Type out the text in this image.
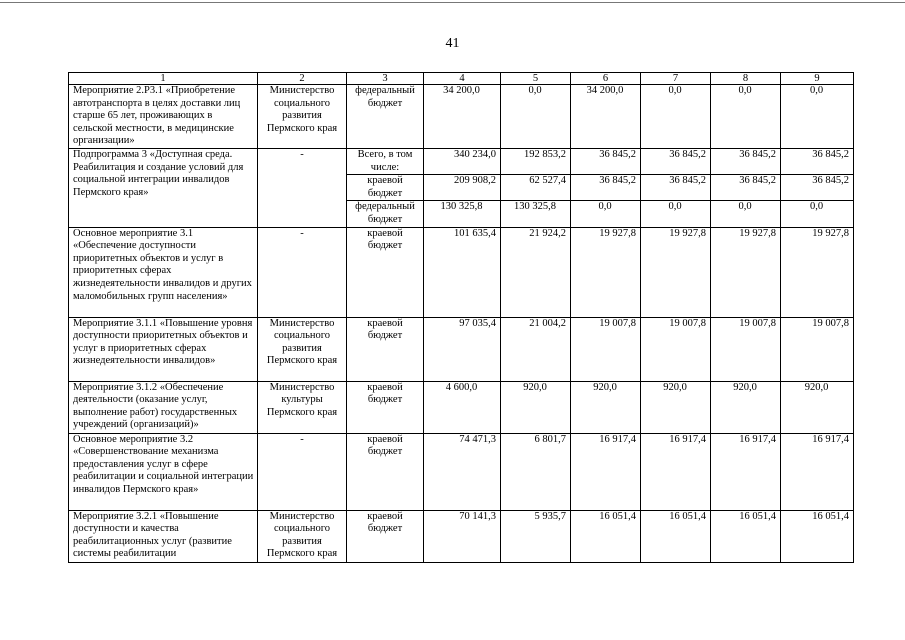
41
1	2	3	4	5	6	7	8	9
Мероприятие 2.Р3.1 «Приобретение автотранспорта в целях доставки лиц старше 65 лет, проживающих в сельской местности, в медицинские организации»	Министерство социального развития Пермского края	федеральный бюджет	34 200,0	0,0	34 200,0	0,0	0,0	0,0
Подпрограмма 3 «Доступная среда. Реабилитация и создание условий для социальной интеграции инвалидов Пермского края»	-	Всего, в том числе:	340 234,0	192 853,2	36 845,2	36 845,2	36 845,2	36 845,2
		краевой бюджет	209 908,2	62 527,4	36 845,2	36 845,2	36 845,2	36 845,2
		федеральный бюджет	130 325,8	130 325,8	0,0	0,0	0,0	0,0
Основное мероприятие 3.1 «Обеспечение доступности приоритетных объектов и услуг в приоритетных сферах жизнедеятельности инвалидов и других маломобильных групп населения»	-	краевой бюджет	101 635,4	21 924,2	19 927,8	19 927,8	19 927,8	19 927,8
Мероприятие 3.1.1 «Повышение уровня доступности приоритетных объектов и услуг в приоритетных сферах жизнедеятельности инвалидов»	Министерство социального развития Пермского края	краевой бюджет	97 035,4	21 004,2	19 007,8	19 007,8	19 007,8	19 007,8
Мероприятие 3.1.2 «Обеспечение деятельности (оказание услуг, выполнение работ) государственных учреждений (организаций)»	Министерство культуры Пермского края	краевой бюджет	4 600,0	920,0	920,0	920,0	920,0	920,0
Основное мероприятие 3.2 «Совершенствование механизма предоставления услуг в сфере реабилитации и социальной интеграции инвалидов Пермского края»	-	краевой бюджет	74 471,3	6 801,7	16 917,4	16 917,4	16 917,4	16 917,4
Мероприятие 3.2.1 «Повышение доступности и качества реабилитационных услуг (развитие системы реабилитации	Министерство социального развития Пермского края	краевой бюджет	70 141,3	5 935,7	16 051,4	16 051,4	16 051,4	16 051,4
